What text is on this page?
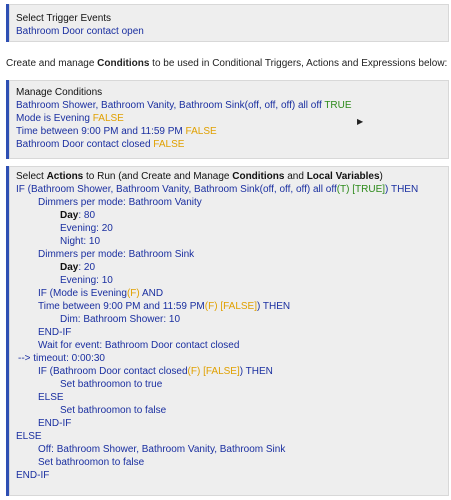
Select Trigger Events
Bathroom Door contact open
Create and manage Conditions to be used in Conditional Triggers, Actions and Expressions below:
Manage Conditions
Bathroom Shower, Bathroom Vanity, Bathroom Sink(off, off, off) all off TRUE
Mode is Evening FALSE
Time between 9:00 PM and 11:59 PM FALSE
Bathroom Door contact closed FALSE
▶
Select Actions to Run (and Create and Manage Conditions and Local Variables)
IF (Bathroom Shower, Bathroom Vanity, Bathroom Sink(off, off, off) all off(T) [TRUE]) THEN
Dimmers per mode: Bathroom Vanity
Day: 80
Evening: 20
Night: 10
Dimmers per mode: Bathroom Sink
Day: 20
Evening: 10
IF (Mode is Evening(F) AND
Time between 9:00 PM and 11:59 PM(F) [FALSE]) THEN
Dim: Bathroom Shower: 10
END-IF
Wait for event: Bathroom Door contact closed
--> timeout: 0:00:30
IF (Bathroom Door contact closed(F) [FALSE]) THEN
Set bathroomon to true
ELSE
Set bathroomon to false
END-IF
ELSE
Off: Bathroom Shower, Bathroom Vanity, Bathroom Sink
Set bathroomon to false
END-IF
